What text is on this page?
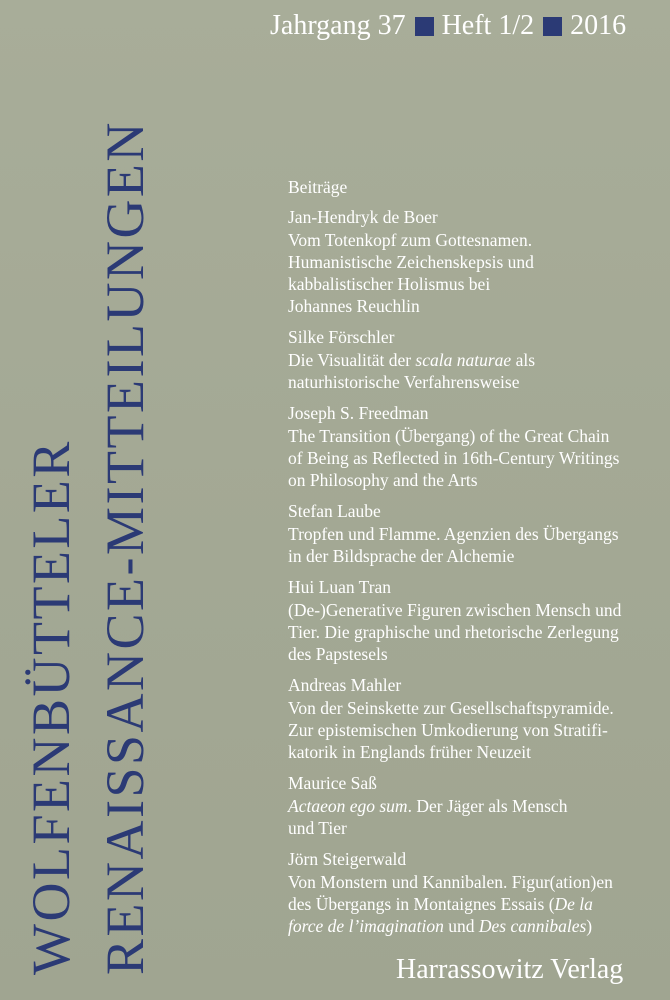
WOLFENBÜTTELER RENAISSANCE-MITTEILUNGEN
Jahrgang 37 Heft 1/2 2016
Beiträge
Jan-Hendryk de Boer
Vom Totenkopf zum Gottesnamen.
Humanistische Zeichenskepsis und
kabbalistischer Holismus bei
Johannes Reuchlin
Silke Förschler
Die Visualität der scala naturae als
naturhistorische Verfahrensweise
Joseph S. Freedman
The Transition (Übergang) of the Great Chain
of Being as Reflected in 16th-Century Writings
on Philosophy and the Arts
Stefan Laube
Tropfen und Flamme. Agenzien des Übergangs
in der Bildsprache der Alchemie
Hui Luan Tran
(De-)Generative Figuren zwischen Mensch und
Tier. Die graphische und rhetorische Zerlegung
des Papstesels
Andreas Mahler
Von der Seinskette zur Gesellschaftspyramide.
Zur epistemischen Umkodierung von Stratifi-
katorik in Englands früher Neuzeit
Maurice Saß
Actaeon ego sum. Der Jäger als Mensch
und Tier
Jörn Steigerwald
Von Monstern und Kannibalen. Figur(ation)en
des Übergangs in Montaignes Essais (De la
force de l’imagination und Des cannibales)
Harrassowitz Verlag
